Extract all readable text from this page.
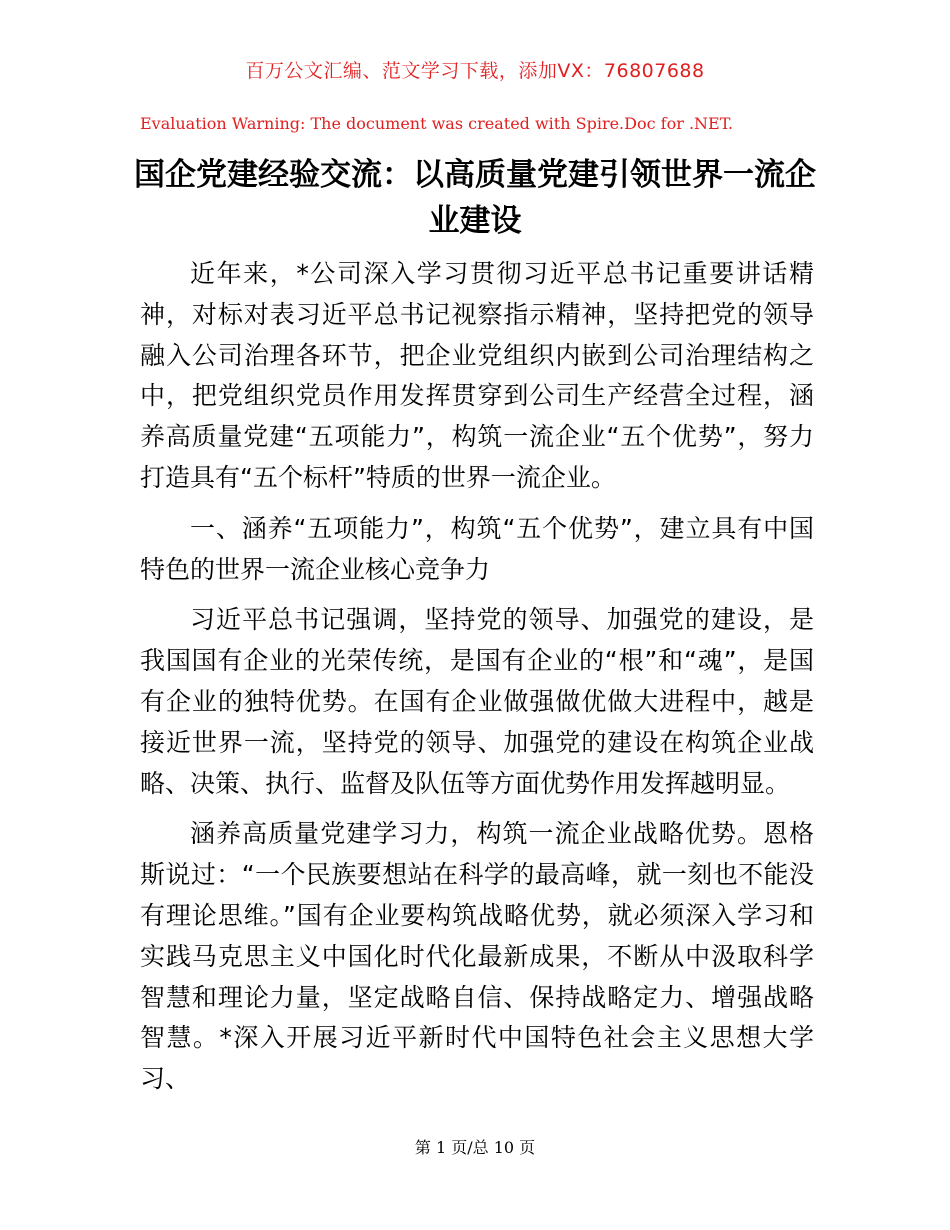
百万公文汇编、范文学习下载，添加VX：76807688
Evaluation Warning: The document was created with Spire.Doc for .NET.
国企党建经验交流：以高质量党建引领世界一流企业建设

近年来，*公司深入学习贯彻习近平总书记重要讲话精神，对标对表习近平总书记视察指示精神，坚持把党的领导融入公司治理各环节，把企业党组织内嵌到公司治理结构之中，把党组织党员作用发挥贯穿到公司生产经营全过程，涵养高质量党建“五项能力”，构筑一流企业“五个优势”，努力打造具有“五个标杆”特质的世界一流企业。

一、涵养“五项能力”，构筑“五个优势”，建立具有中国特色的世界一流企业核心竞争力

习近平总书记强调，坚持党的领导、加强党的建设，是我国国有企业的光荣传统，是国有企业的“根”和“魂”，是国有企业的独特优势。在国有企业做强做优做大进程中，越是接近世界一流，坚持党的领导、加强党的建设在构筑企业战略、决策、执行、监督及队伍等方面优势作用发挥越明显。

涵养高质量党建学习力，构筑一流企业战略优势。恩格斯说过：“一个民族要想站在科学的最高峰，就一刻也不能没有理论思维。”国有企业要构筑战略优势，就必须深入学习和实践马克思主义中国化时代化最新成果，不断从中汲取科学智慧和理论力量，坚定战略自信、保持战略定力、增强战略智慧。*深入开展习近平新时代中国特色社会主义思想大学习、

第 1 页/总 10 页
